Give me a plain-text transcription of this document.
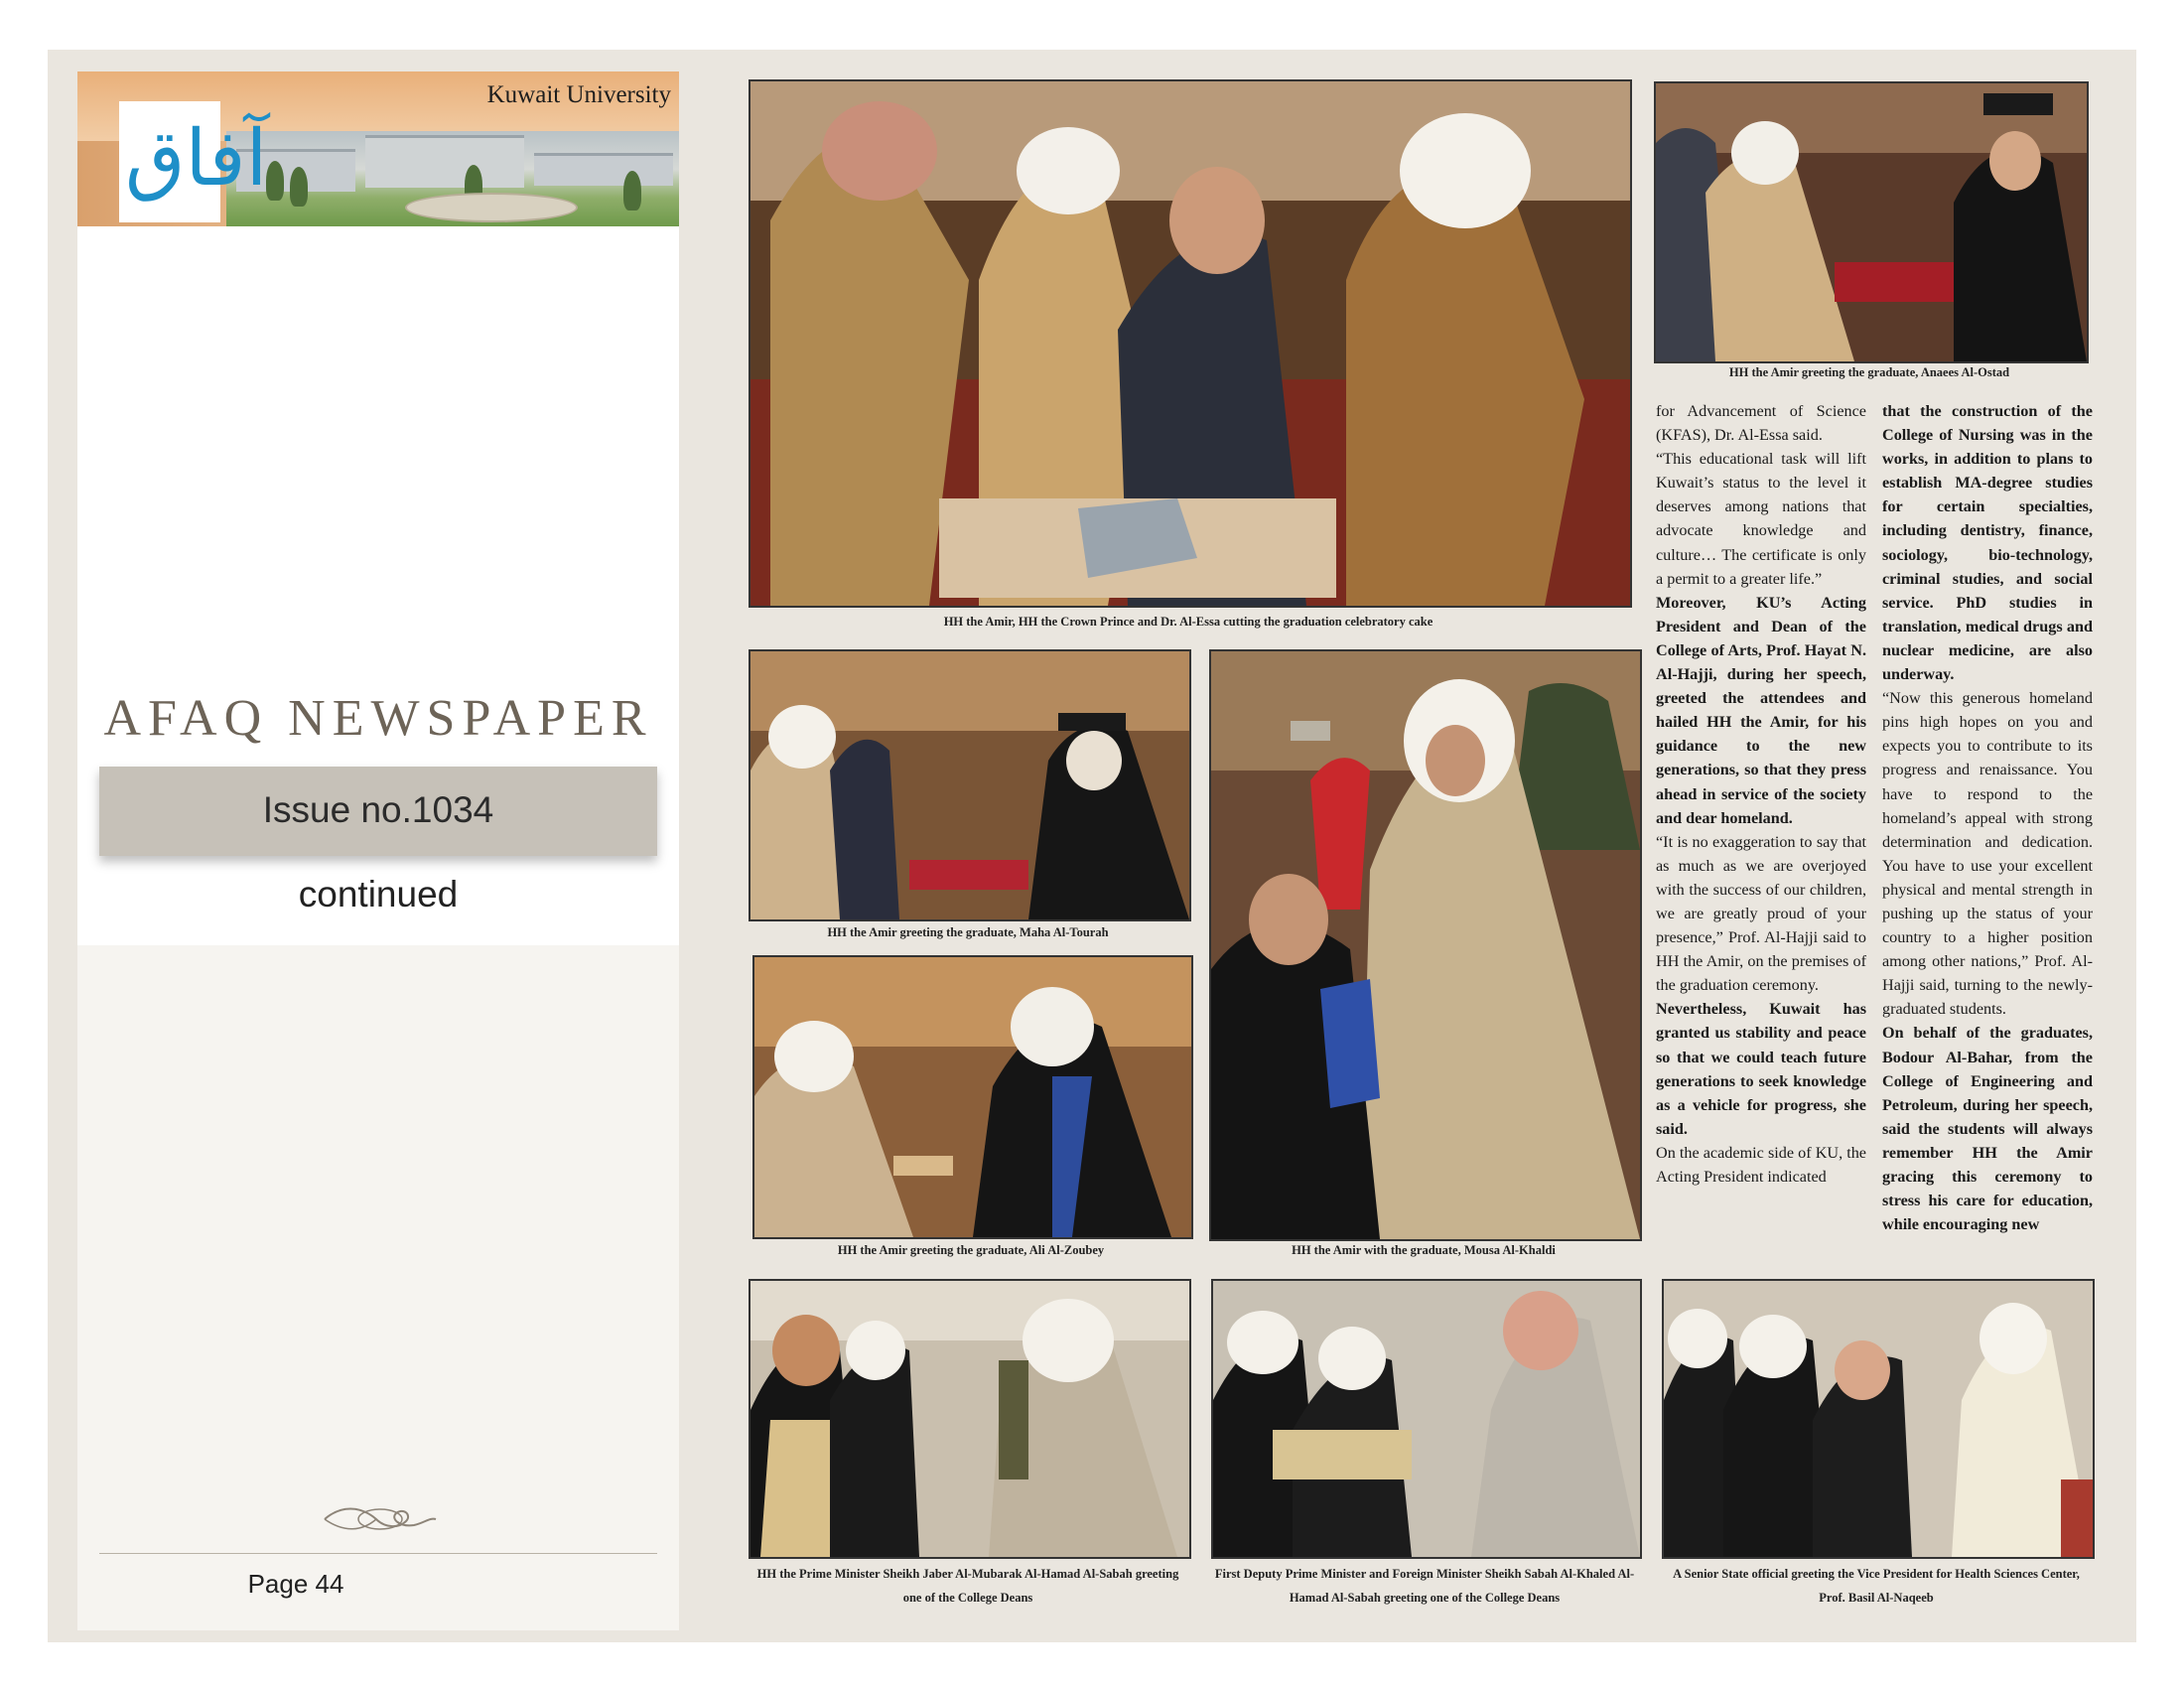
آفاق
Kuwait University
AFAQ NEWSPAPER
Issue no.1034
continued
Page 44
HH the Amir, HH the Crown Prince and Dr. Al-Essa cutting the graduation celebratory cake
HH the Amir greeting the graduate, Anaees Al-Ostad
HH the Amir greeting the graduate, Maha Al-Tourah
HH the Amir greeting the graduate, Ali Al-Zoubey	HH the Amir with the graduate, Mousa Al-Khaldi

for Advancement of Science (KFAS), Dr. Al-Essa said.

“This educational task will lift Kuwait’s status to the level it deserves among nations that advocate knowledge and culture… The certificate is only a permit to a greater life.”

Moreover, KU’s Acting President and Dean of the College of Arts, Prof. Hayat N. Al-Hajji, during her speech, greeted the attendees and hailed HH the Amir, for his guidance to the new generations, so that they press ahead in service of the society and dear homeland.

“It is no exaggeration to say that as much as we are overjoyed with the success of our children, we are greatly proud of your presence,” Prof. Al-Hajji said to HH the Amir, on the premises of the graduation ceremony.

Nevertheless, Kuwait has granted us stability and peace so that we could teach future generations to seek knowledge as a vehicle for progress, she said.

On the academic side of KU, the Acting President indicated

that the construction of the College of Nursing was in the works, in addition to plans to establish MA-degree studies for certain specialties, including dentistry, finance, sociology, bio-technology, criminal studies, and social service. PhD studies in translation, medical drugs and nuclear medicine, are also underway.

“Now this generous homeland pins high hopes on you and expects you to contribute to its progress and renaissance. You have to respond to the homeland’s appeal with strong determination and dedication. You have to use your excellent physical and mental strength in pushing up the status of your country to a higher position among other nations,” Prof. Al-Hajji said, turning to the newly-graduated students.

On behalf of the graduates, Bodour Al-Bahar, from the College of Engineering and Petroleum, during her speech, said the students will always remember HH the Amir gracing this ceremony to stress his care for education, while encouraging new

HH the Prime Minister Sheikh Jaber Al-Mubarak Al-Hamad Al-Sabah greeting
one of the College Deans
First Deputy Prime Minister and Foreign Minister Sheikh Sabah Al-Khaled Al-
Hamad Al-Sabah greeting one of the College Deans
A Senior State official greeting the Vice President for Health Sciences Center,
Prof. Basil Al-Naqeeb
